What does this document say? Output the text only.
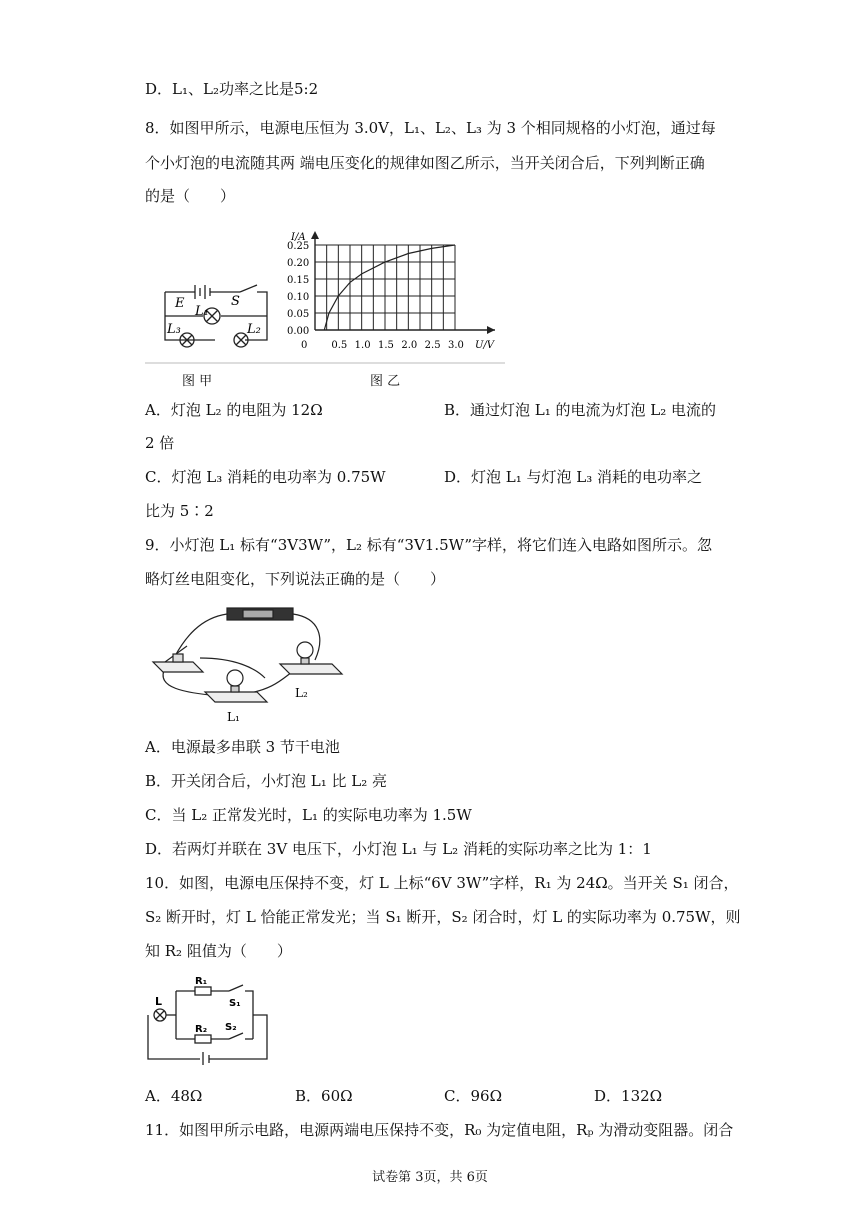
D．L₁、L₂功率之比是5:2
8．如图甲所示，电源电压恒为 3.0V，L₁、L₂、L₃ 为 3 个相同规格的小灯泡，通过每
个小灯泡的电流随其两 端电压变化的规律如图乙所示，当开关闭合后，下列判断正确
的是（　　）
E	S
L₁
L₃	L₂
0 0.5 1.0 1.5 2.0 2.5 3.0
0.00
0.05
0.10
0.15
0.20
0.25
U/V
I/A
图 甲	图 乙
A．灯泡 L₂ 的电阻为 12Ω	B．通过灯泡 L₁ 的电流为灯泡 L₂ 电流的
2 倍
C．灯泡 L₃ 消耗的电功率为 0.75W	D．灯泡 L₁ 与灯泡 L₃ 消耗的电功率之
比为 5∶2
9．小灯泡 L₁ 标有“3V3W”，L₂ 标有“3V1.5W”字样，将它们连入电路如图所示。忽
略灯丝电阻变化，下列说法正确的是（　　）
L₂
L₁
A．电源最多串联 3 节干电池
B．开关闭合后，小灯泡 L₁ 比 L₂ 亮
C．当 L₂ 正常发光时，L₁ 的实际电功率为 1.5W
D．若两灯并联在 3V 电压下，小灯泡 L₁ 与 L₂ 消耗的实际功率之比为 1：1
10．如图，电源电压保持不变，灯 L 上标“6V 3W”字样，R₁ 为 24Ω。当开关 S₁ 闭合，
S₂ 断开时，灯 L 恰能正常发光；当 S₁ 断开，S₂ 闭合时，灯 L 的实际功率为 0.75W，则
知 R₂ 阻值为（　　）
L
R₁
S₁
R₂ S₂
A．48Ω	B．60Ω	C．96Ω	D．132Ω
11．如图甲所示电路，电源两端电压保持不变，R₀ 为定值电阻，Rₚ 为滑动变阻器。闭合
试卷第 3页，共 6页
